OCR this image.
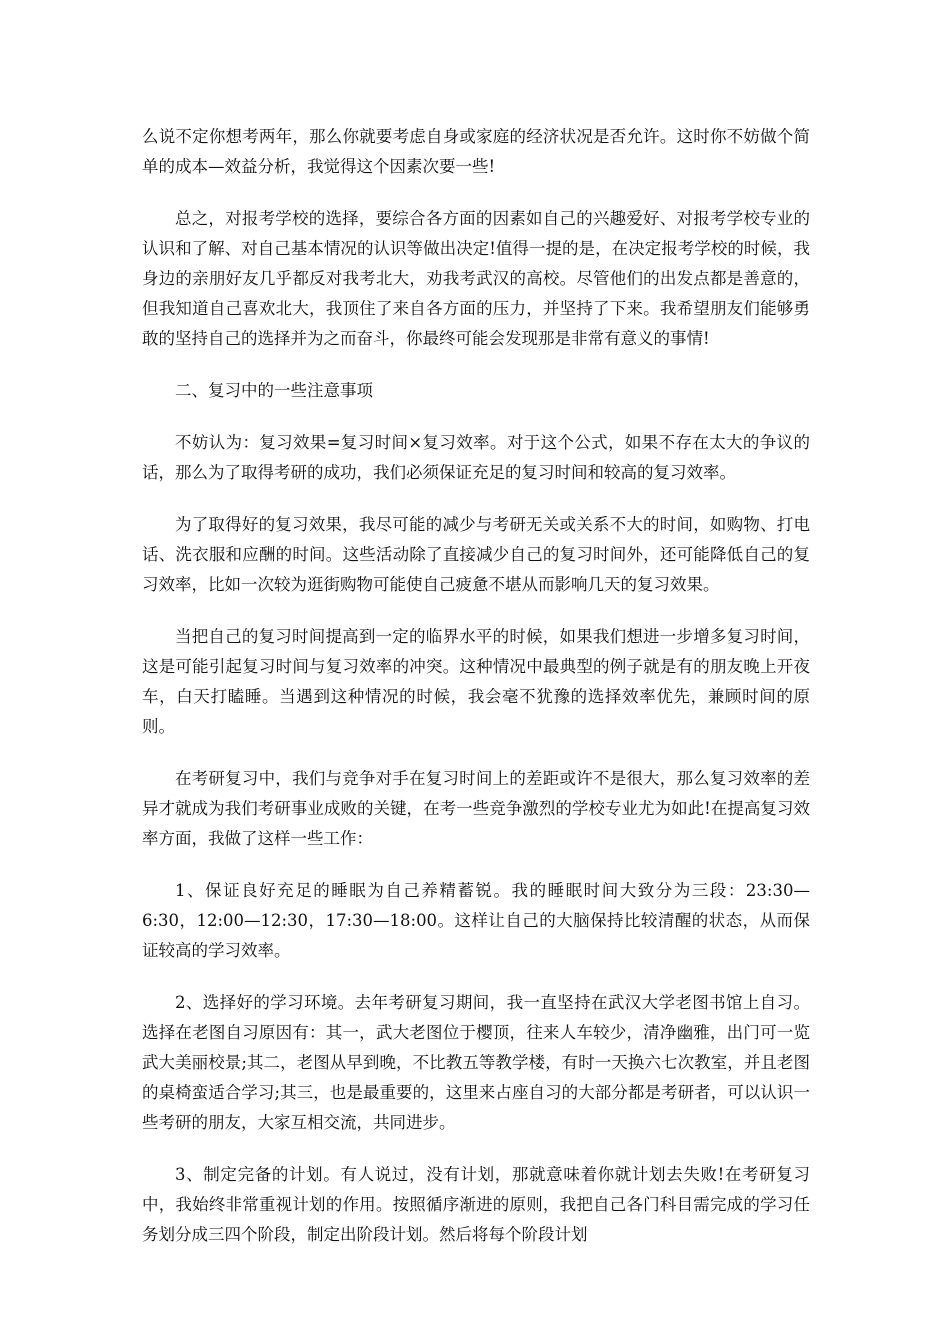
么说不定你想考两年，那么你就要考虑自身或家庭的经济状况是否允许。这时你不妨做个简单的成本—效益分析，我觉得这个因素次要一些!

总之，对报考学校的选择，要综合各方面的因素如自己的兴趣爱好、对报考学校专业的认识和了解、对自己基本情况的认识等做出决定!值得一提的是，在决定报考学校的时候，我身边的亲朋好友几乎都反对我考北大，劝我考武汉的高校。尽管他们的出发点都是善意的，但我知道自己喜欢北大，我顶住了来自各方面的压力，并坚持了下来。我希望朋友们能够勇敢的坚持自己的选择并为之而奋斗，你最终可能会发现那是非常有意义的事情!

二、复习中的一些注意事项

不妨认为：复习效果=复习时间×复习效率。对于这个公式，如果不存在太大的争议的话，那么为了取得考研的成功，我们必须保证充足的复习时间和较高的复习效率。

为了取得好的复习效果，我尽可能的减少与考研无关或关系不大的时间，如购物、打电话、洗衣服和应酬的时间。这些活动除了直接减少自己的复习时间外，还可能降低自己的复习效率，比如一次较为逛街购物可能使自己疲惫不堪从而影响几天的复习效果。

当把自己的复习时间提高到一定的临界水平的时候，如果我们想进一步增多复习时间，这是可能引起复习时间与复习效率的冲突。这种情况中最典型的例子就是有的朋友晚上开夜车，白天打瞌睡。当遇到这种情况的时候，我会毫不犹豫的选择效率优先，兼顾时间的原则。

在考研复习中，我们与竞争对手在复习时间上的差距或许不是很大，那么复习效率的差异才就成为我们考研事业成败的关键，在考一些竞争激烈的学校专业尤为如此!在提高复习效率方面，我做了这样一些工作：

1、保证良好充足的睡眠为自己养精蓄锐。我的睡眠时间大致分为三段：23:30—6:30，12:00—12:30，17:30—18:00。这样让自己的大脑保持比较清醒的状态，从而保证较高的学习效率。

2、选择好的学习环境。去年考研复习期间，我一直坚持在武汉大学老图书馆上自习。选择在老图自习原因有：其一，武大老图位于樱顶，往来人车较少，清净幽雅，出门可一览武大美丽校景;其二，老图从早到晚，不比教五等教学楼，有时一天换六七次教室，并且老图的桌椅蛮适合学习;其三，也是最重要的，这里来占座自习的大部分都是考研者，可以认识一些考研的朋友，大家互相交流，共同进步。

3、制定完备的计划。有人说过，没有计划，那就意味着你就计划去失败!在考研复习中，我始终非常重视计划的作用。按照循序渐进的原则，我把自己各门科目需完成的学习任务划分成三四个阶段，制定出阶段计划。然后将每个阶段计划
